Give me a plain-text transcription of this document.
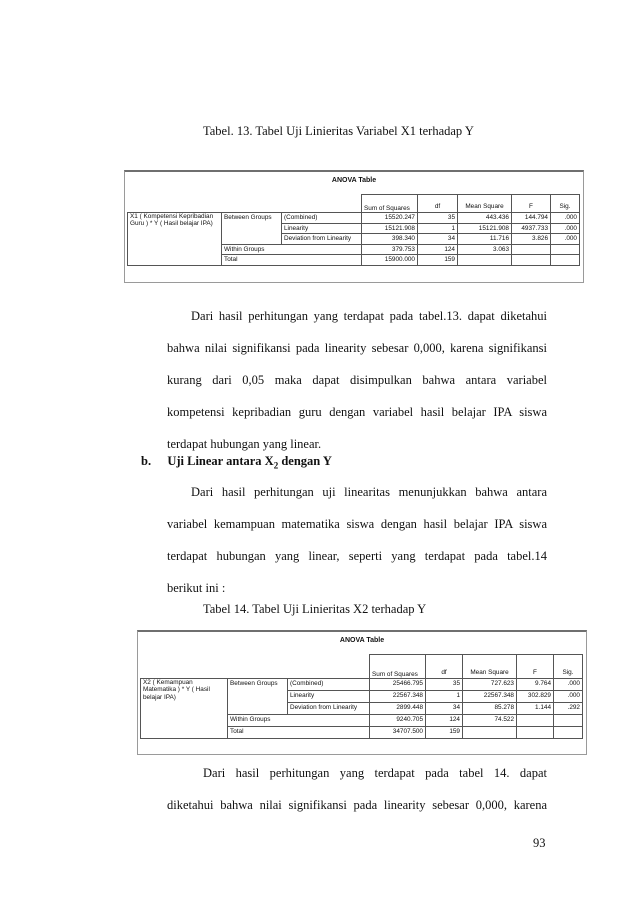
Tabel. 13. Tabel Uji Linieritas Variabel X1 terhadap Y
ANOVA Table
			Sum of Squares	df	Mean Square	F	Sig.
X1 ( Kompetensi Kepribadian Guru ) * Y ( Hasil belajar IPA)	Between Groups	(Combined)	15520.247	35	443.436	144.794	.000
		Linearity	15121.908	1	15121.908	4937.733	.000
		Deviation from Linearity	398.340	34	11.716	3.826	.000
	Within Groups		379.753	124	3.063		
	Total		15900.000	159			

Dari hasil perhitungan yang terdapat pada tabel.13. dapat diketahui

bahwa nilai signifikansi pada linearity sebesar 0,000, karena signifikansi

kurang dari 0,05 maka dapat disimpulkan bahwa antara variabel

kompetensi kepribadian guru dengan variabel hasil belajar IPA siswa

terdapat hubungan yang linear.

b. Uji Linear antara $X_2$ dengan Y

Dari hasil perhitungan uji linearitas menunjukkan bahwa antara

variabel kemampuan matematika siswa dengan hasil belajar IPA siswa

terdapat hubungan yang linear, seperti yang terdapat pada tabel.14

berikut ini :

Tabel 14. Tabel Uji Linieritas X2 terhadap Y
ANOVA Table
			Sum of Squares	df	Mean Square	F	Sig.
X2 ( Kemampuan Matematika ) * Y ( Hasil belajar IPA)	Between Groups	(Combined)	25466.795	35	727.623	9.764	.000
		Linearity	22567.348	1	22567.348	302.829	.000
		Deviation from Linearity	2899.448	34	85.278	1.144	.292
	Within Groups		9240.705	124	74.522		
	Total		34707.500	159			

Dari hasil perhitungan yang terdapat pada tabel 14. dapat

diketahui bahwa nilai signifikansi pada linearity sebesar 0,000, karena

93
